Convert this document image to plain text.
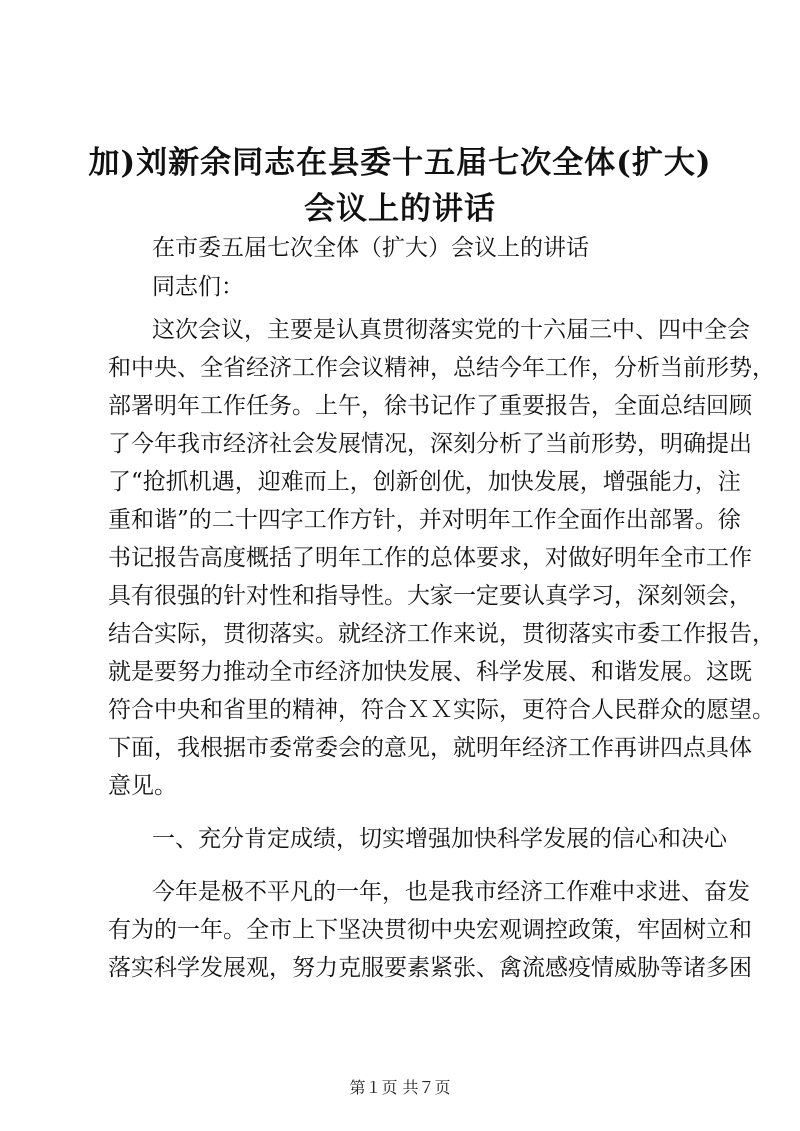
加)刘新余同志在县委十五届七次全体(扩大)
会议上的讲话
在市委五届七次全体（扩大）会议上的讲话
同志们：
这次会议，主要是认真贯彻落实党的十六届三中、四中全会
和中央、全省经济工作会议精神，总结今年工作，分析当前形势，
部署明年工作任务。上午，徐书记作了重要报告，全面总结回顾
了今年我市经济社会发展情况，深刻分析了当前形势，明确提出
了“抢抓机遇，迎难而上，创新创优，加快发展，增强能力，注
重和谐”的二十四字工作方针，并对明年工作全面作出部署。徐
书记报告高度概括了明年工作的总体要求，对做好明年全市工作
具有很强的针对性和指导性。大家一定要认真学习，深刻领会，
结合实际，贯彻落实。就经济工作来说，贯彻落实市委工作报告，
就是要努力推动全市经济加快发展、科学发展、和谐发展。这既
符合中央和省里的精神，符合ＸＸ实际，更符合人民群众的愿望。
下面，我根据市委常委会的意见，就明年经济工作再讲四点具体
意见。
一、充分肯定成绩，切实增强加快科学发展的信心和决心
今年是极不平凡的一年，也是我市经济工作难中求进、奋发
有为的一年。全市上下坚决贯彻中央宏观调控政策，牢固树立和
落实科学发展观，努力克服要素紧张、禽流感疫情威胁等诸多困
第１页 共７页
